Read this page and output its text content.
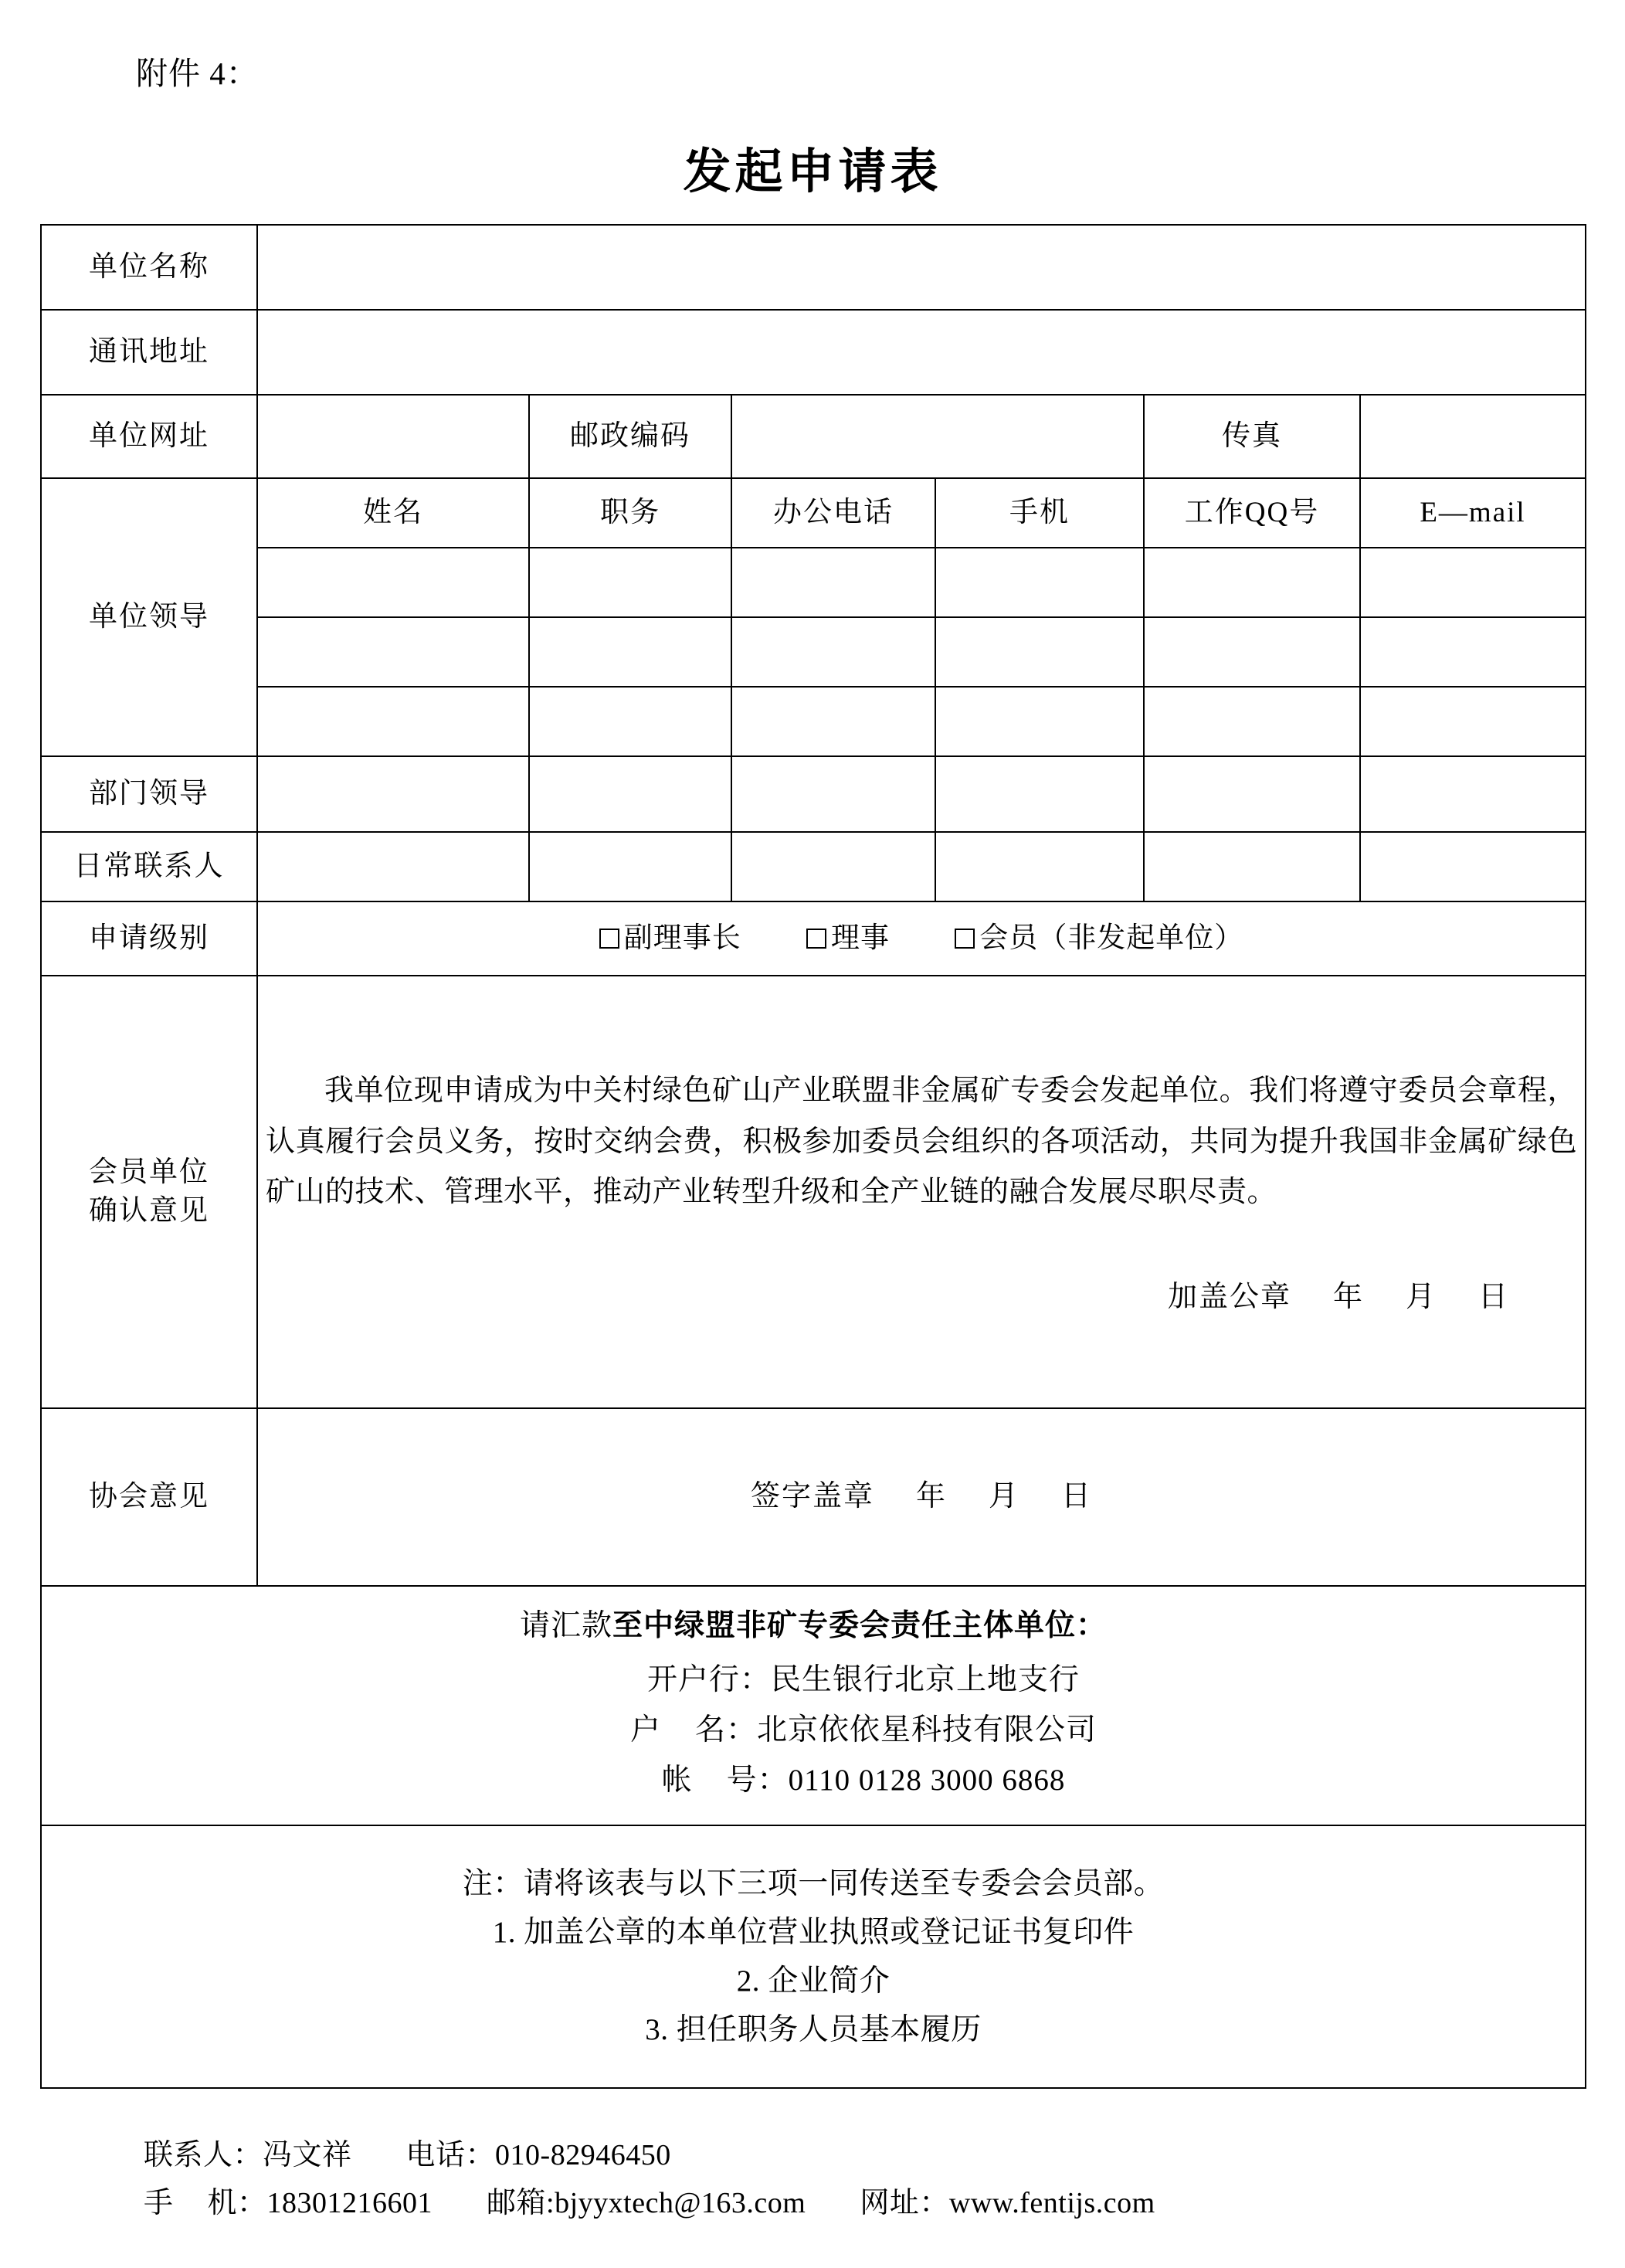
附件 4：
发起申请表
单位名称						
通讯地址						
单位网址		邮政编码			传真	
单位领导	姓名	职务	办公电话	手机	工作QQ号	E—mail

部门领导						
日常联系人						
申请级别	副理事长 理事 会员（非发起单位）					

会员单位
确认意见

我单位现申请成为中关村绿色矿山产业联盟非金属矿专委会发起单位。我们将遵守委员会章程，认真履行会员义务，按时交纳会费，积极参加委员会组织的各项活动，共同为提升我国非金属矿绿色矿山的技术、管理水平，推动产业转型升级和全产业链的融合发展尽职尽责。

加盖公章 年 月 日

协会意见	签字盖章 年 月 日					

请汇款至中绿盟非矿专委会责任主体单位：
开户行：民生银行北京上地支行
户 名：北京依依星科技有限公司
帐 号：0110 0128 3000 6868						

注：请将该表与以下三项一同传送至专委会会员部。
1. 加盖公章的本单位营业执照或登记证书复印件
2. 企业简介
3. 担任职务人员基本履历						
联系人：冯文祥 电话：010-82946450
手 机：18301216601 邮箱:bjyyxtech@163.com 网址：www.fentijs.com
